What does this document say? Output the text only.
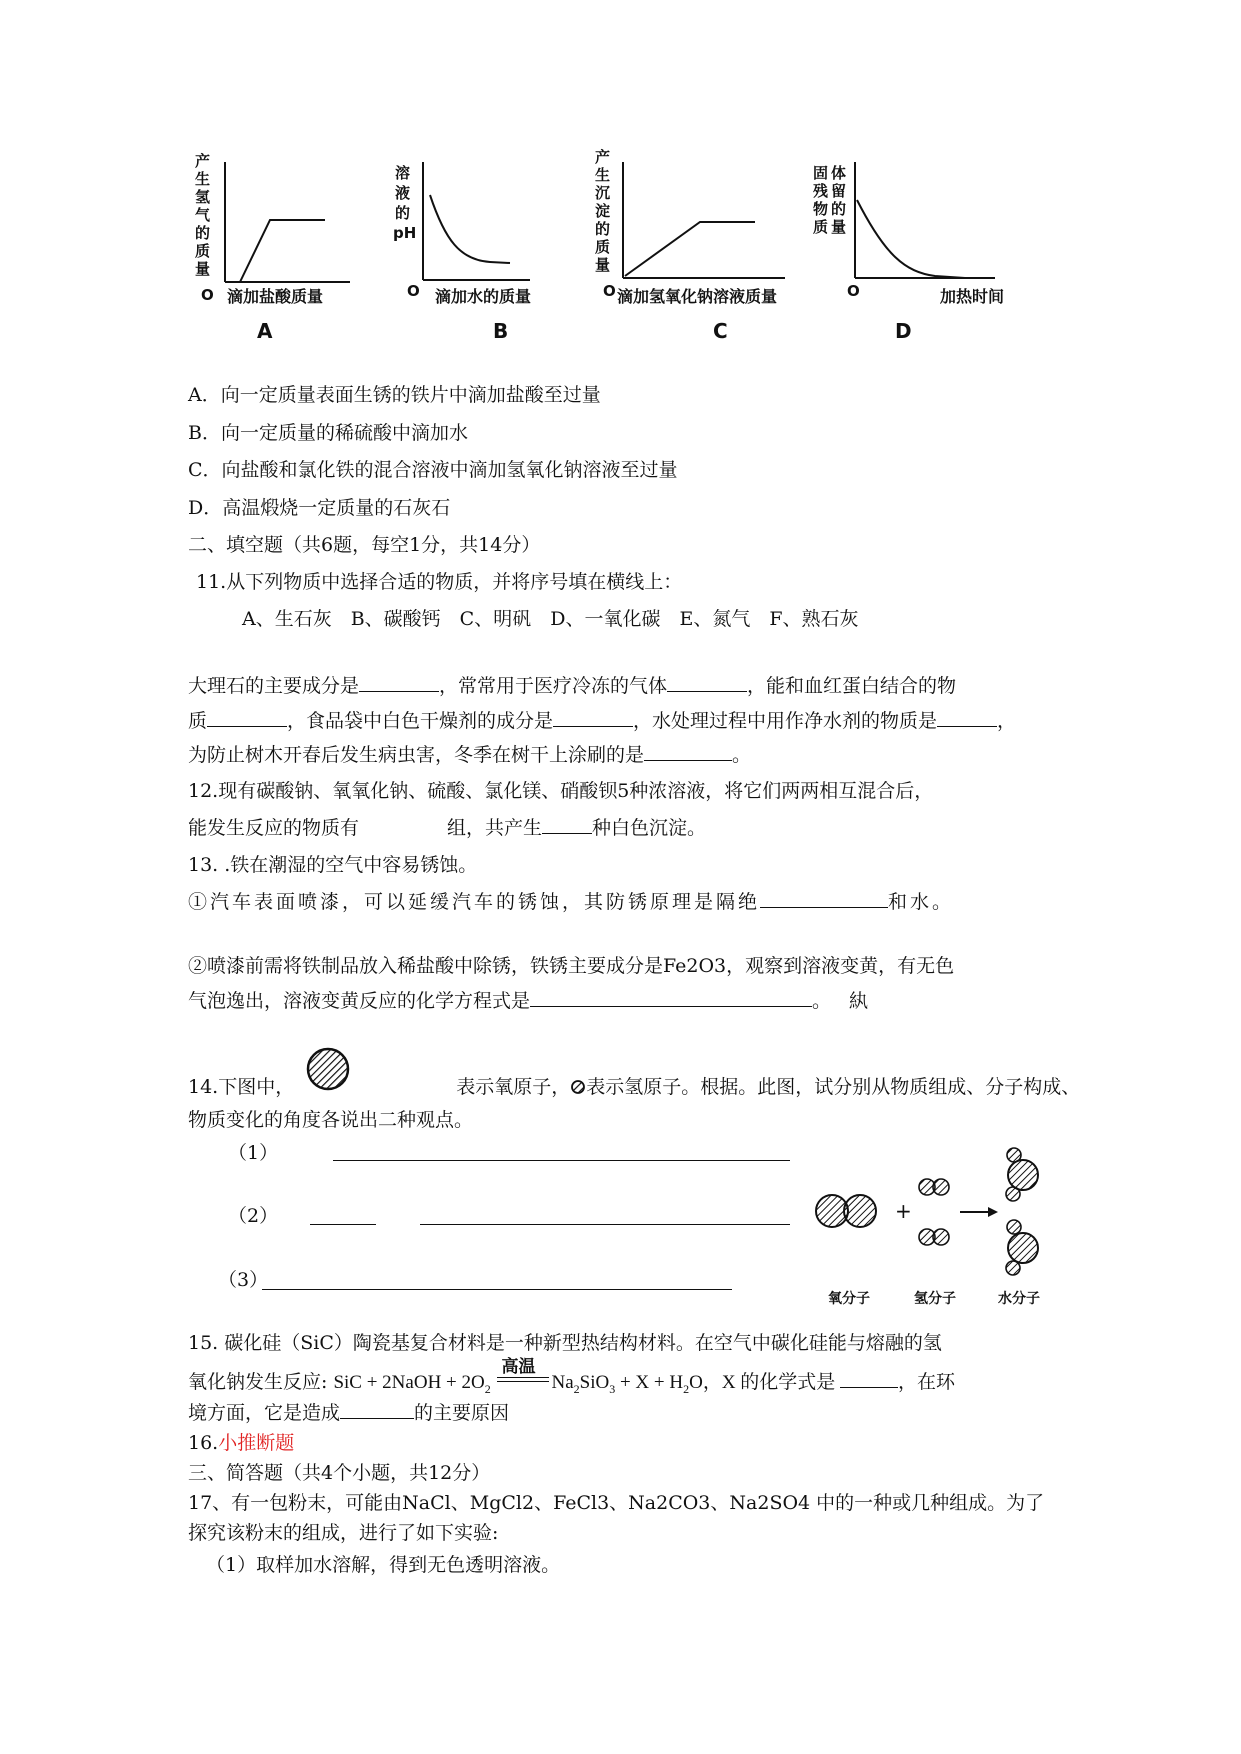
产生氢气的质量
O 滴加盐酸质量
A
溶液的 pH
O 滴加水的质量
B
产生沉淀的质量
O 滴加氢氧化钠溶液质量
C
固残物质
体留的量
O	加热时间
D
A．向一定质量表面生锈的铁片中滴加盐酸至过量
B．向一定质量的稀硫酸中滴加水
C．向盐酸和氯化铁的混合溶液中滴加氢氧化钠溶液至过量
D．高温煅烧一定质量的石灰石
二、填空题（共6题，每空1分，共14分）
11.从下列物质中选择合适的物质，并将序号填在横线上：
A、生石灰　B、碳酸钙　C、明矾　D、一氧化碳　E、氮气　F、熟石灰
大理石的主要成分是	，常常用于医疗冷冻的气体	，能和血红蛋白结合的物
质	，食品袋中白色干燥剂的成分是	，水处理过程中用作净水剂的物质是	，
为防止树木开春后发生病虫害，冬季在树干上涂刷的是	。
12.现有碳酸钠、氧氧化钠、硫酸、氯化镁、硝酸钡5种浓溶液，将它们两两相互混合后，
能发生反应的物质有	组，共产生	种白色沉淀。
13. .铁在潮湿的空气中容易锈蚀。
①汽车表面喷漆，可以延缓汽车的锈蚀，其防锈原理是隔绝	和水。
②喷漆前需将铁制品放入稀盐酸中除锈，铁锈主要成分是Fe2O3，观察到溶液变黄，有无色
气泡逸出，溶液变黄反应的化学方程式是	。 紈
14.下图中，	表示氧原子， 表示氢原子。根据。此图，试分别从物质组成、分子构成、
物质变化的角度各说出二种观点。
（1）
（2）
（3）
+
氧分子	氢分子	水分子
15. 碳化硅（SiC）陶瓷基复合材料是一种新型热结构材料。在空气中碳化硅能与熔融的氢
氧化钠发生反应: SiC + 2NaOH + $2O_2$
高温
$Na_2SiO_3 + X + H_2O$，X 的化学式是	，在环
境方面，它是造成	的主要原因
16.小推断题
三、简答题（共4个小题，共12分）
17、有一包粉末，可能由NaCl、MgCl2、FeCl3、Na2CO3、Na2SO4 中的一种或几种组成。为了
探究该粉末的组成，进行了如下实验:
（1）取样加水溶解，得到无色透明溶液。
